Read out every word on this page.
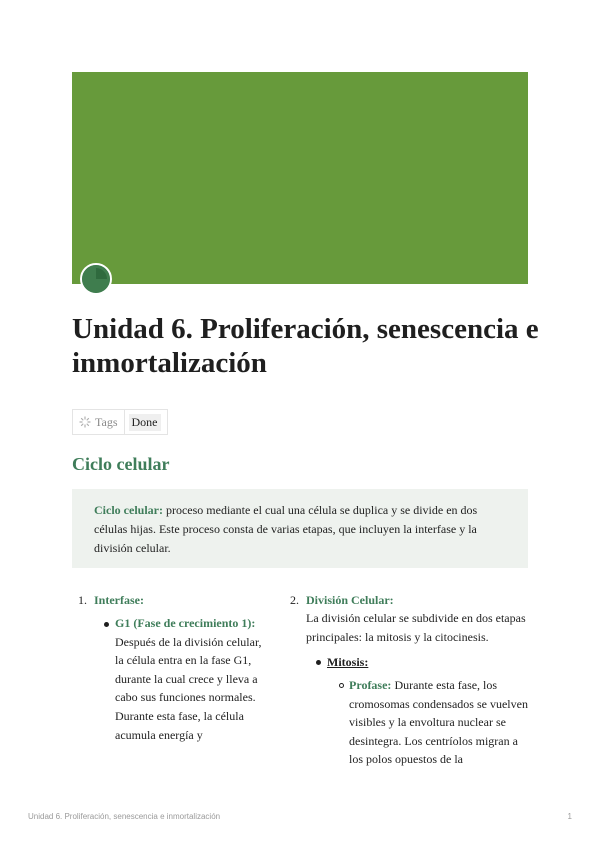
Unidad 6. Proliferación, senescencia e inmortalización
Tags Done
Ciclo celular
Ciclo celular: proceso mediante el cual una célula se duplica y se divide en dos células hijas. Este proceso consta de varias etapas, que incluyen la interfase y la división celular.
1. Interfase:
G1 (Fase de crecimiento 1):
Después de la división celular, la célula entra en la fase G1, durante la cual crece y lleva a cabo sus funciones normales. Durante esta fase, la célula acumula energía y
2. División Celular:
La división celular se subdivide en dos etapas principales: la mitosis y la citocinesis.
Mitosis:
Profase: Durante esta fase, los cromosomas condensados se vuelven visibles y la envoltura nuclear se desintegra. Los centríolos migran a los polos opuestos de la
Unidad 6. Proliferación, senescencia e inmortalización	1
